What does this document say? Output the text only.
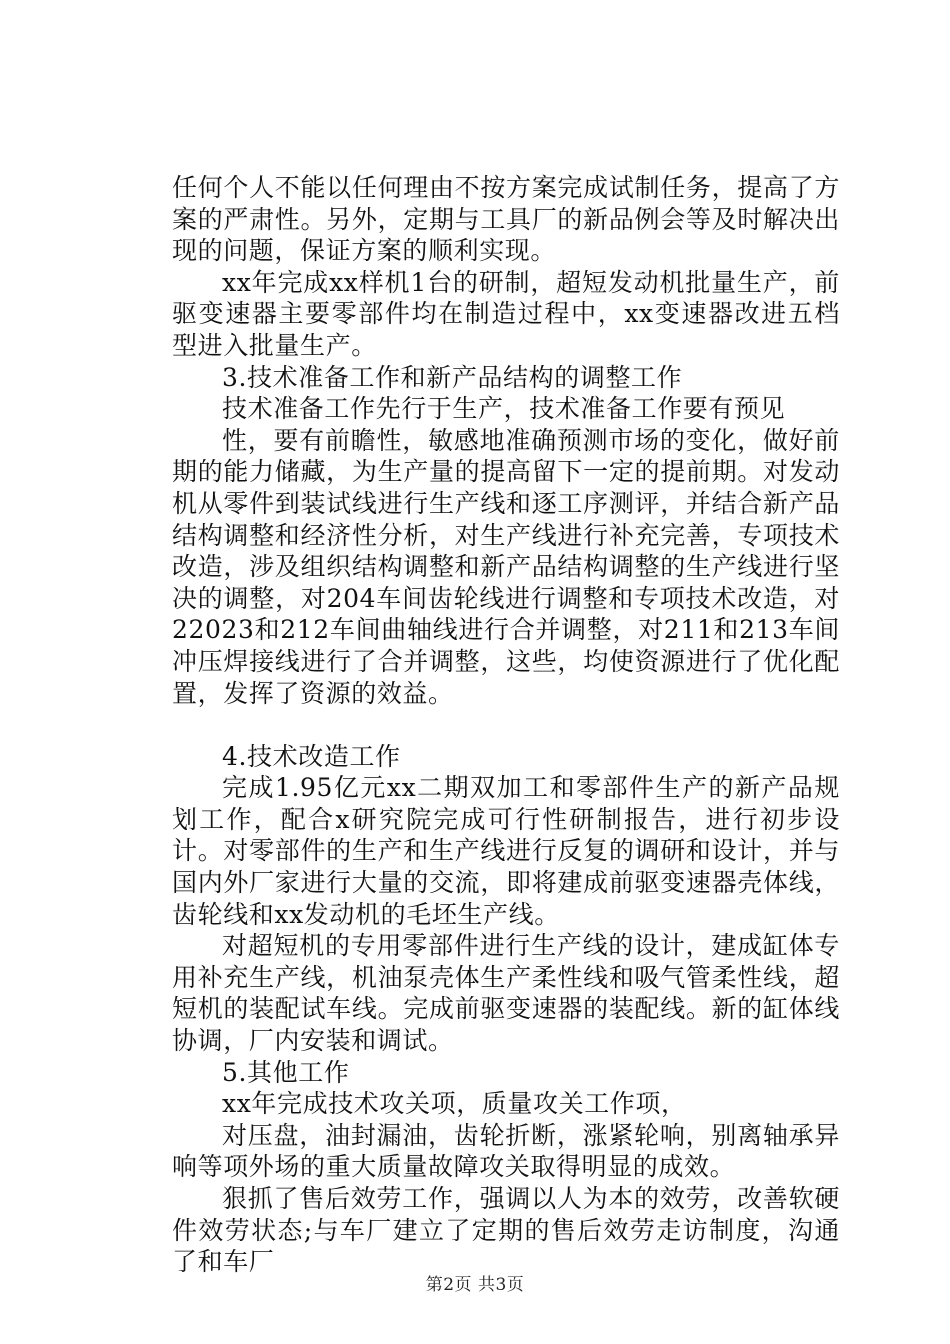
任何个人不能以任何理由不按方案完成试制任务，提高了方案的严肃性。另外，定期与工具厂的新品例会等及时解决出现的问题，保证方案的顺利实现。

xx年完成xx样机1台的研制，超短发动机批量生产，前驱变速器主要零部件均在制造过程中，xx变速器改进五档型进入批量生产。

3.技术准备工作和新产品结构的调整工作

技术准备工作先行于生产，技术准备工作要有预见

性，要有前瞻性，敏感地准确预测市场的变化，做好前期的能力储藏，为生产量的提高留下一定的提前期。对发动机从零件到装试线进行生产线和逐工序测评，并结合新产品结构调整和经济性分析，对生产线进行补充完善，专项技术改造，涉及组织结构调整和新产品结构调整的生产线进行坚决的调整，对204车间齿轮线进行调整和专项技术改造，对22023和212车间曲轴线进行合并调整，对211和213车间冲压焊接线进行了合并调整，这些，均使资源进行了优化配置，发挥了资源的效益。

4.技术改造工作

完成1.95亿元xx二期双加工和零部件生产的新产品规划工作，配合x研究院完成可行性研制报告，进行初步设计。对零部件的生产和生产线进行反复的调研和设计，并与国内外厂家进行大量的交流，即将建成前驱变速器壳体线，齿轮线和xx发动机的毛坯生产线。

对超短机的专用零部件进行生产线的设计，建成缸体专用补充生产线，机油泵壳体生产柔性线和吸气管柔性线，超短机的装配试车线。完成前驱变速器的装配线。新的缸体线协调，厂内安装和调试。

5.其他工作

xx年完成技术攻关项，质量攻关工作项，

对压盘，油封漏油，齿轮折断，涨紧轮响，别离轴承异响等项外场的重大质量故障攻关取得明显的成效。

狠抓了售后效劳工作，强调以人为本的效劳，改善软硬件效劳状态;与车厂建立了定期的售后效劳走访制度，沟通了和车厂

第2页 共3页
